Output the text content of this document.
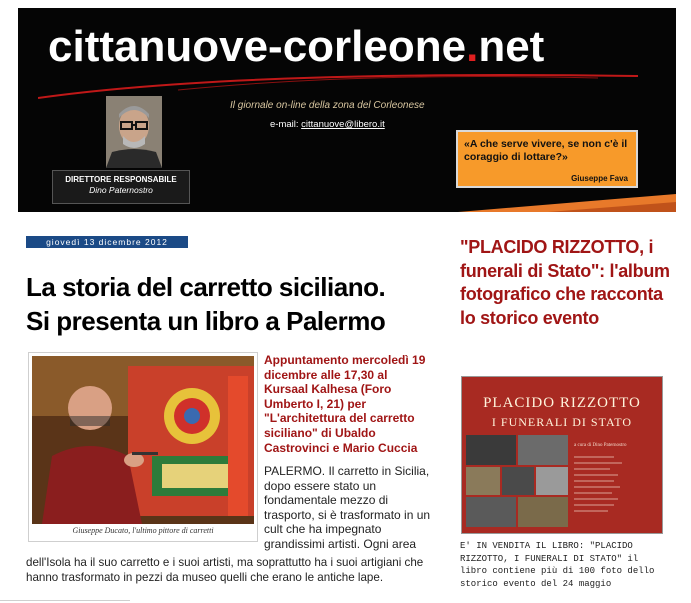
cittanuove-corleone.net
Il giornale on-line della zona del Corleonese
e-mail: cittanuove@libero.it
DIRETTORE RESPONSABILE
Dino Paternostro
«A che serve vivere, se non c'è il coraggio di lottare?»
Giuseppe Fava
giovedì 13 dicembre 2012
La storia del carretto siciliano.
Si presenta un libro a Palermo
Giuseppe Ducato, l'ultimo pittore di carretti
Appuntamento mercoledì 19 dicembre alle 17,30 al Kursaal Kalhesa (Foro Umberto I, 21) per "L'architettura del carretto siciliano" di Ubaldo Castrovinci e Mario Cuccia
PALERMO. Il carretto in Sicilia, dopo essere stato un fondamentale mezzo di trasporto, si è trasformato in un cult che ha impegnato grandissimi artisti. Ogni area
dell'Isola ha il suo carretto e i suoi artisti, ma soprattutto ha i suoi artigiani che hanno trasformato in pezzi da museo quelli che erano le antiche lape.
"PLACIDO RIZZOTTO, i funerali di Stato": l'album fotografico che racconta lo storico evento
PLACIDO RIZZOTTO
I FUNERALI DI STATO
a cura di Dino Paternostro
E' IN VENDITA IL LIBRO: "PLACIDO RIZZOTTO, I FUNERALI DI STATO" il libro contiene più di 100 foto dello storico evento del 24 maggio
